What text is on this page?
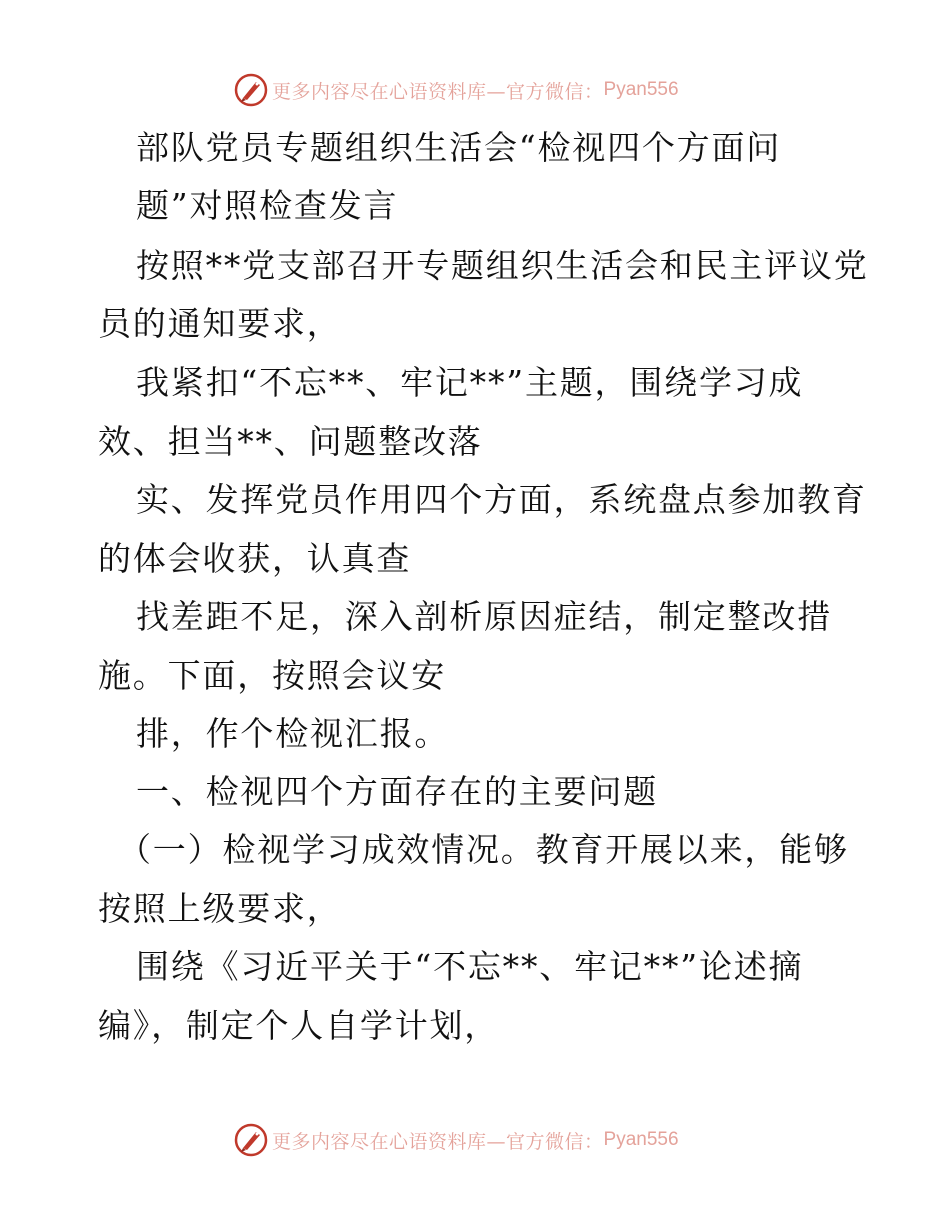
更多内容尽在心语资料库—官方微信： Pyan556
部队党员专题组织生活会“检视四个方面问
题”对照检查发言
按照**党支部召开专题组织生活会和民主评议党
员的通知要求，
我紧扣“不忘**、牢记**”主题，围绕学习成
效、担当**、问题整改落
实、发挥党员作用四个方面，系统盘点参加教育
的体会收获，认真查
找差距不足，深入剖析原因症结，制定整改措
施。下面，按照会议安
排，作个检视汇报。
一、检视四个方面存在的主要问题
（一）检视学习成效情况。教育开展以来，能够
按照上级要求，
围绕《习近平关于“不忘**、牢记**”论述摘
编》，制定个人自学计划，
更多内容尽在心语资料库—官方微信： Pyan556
